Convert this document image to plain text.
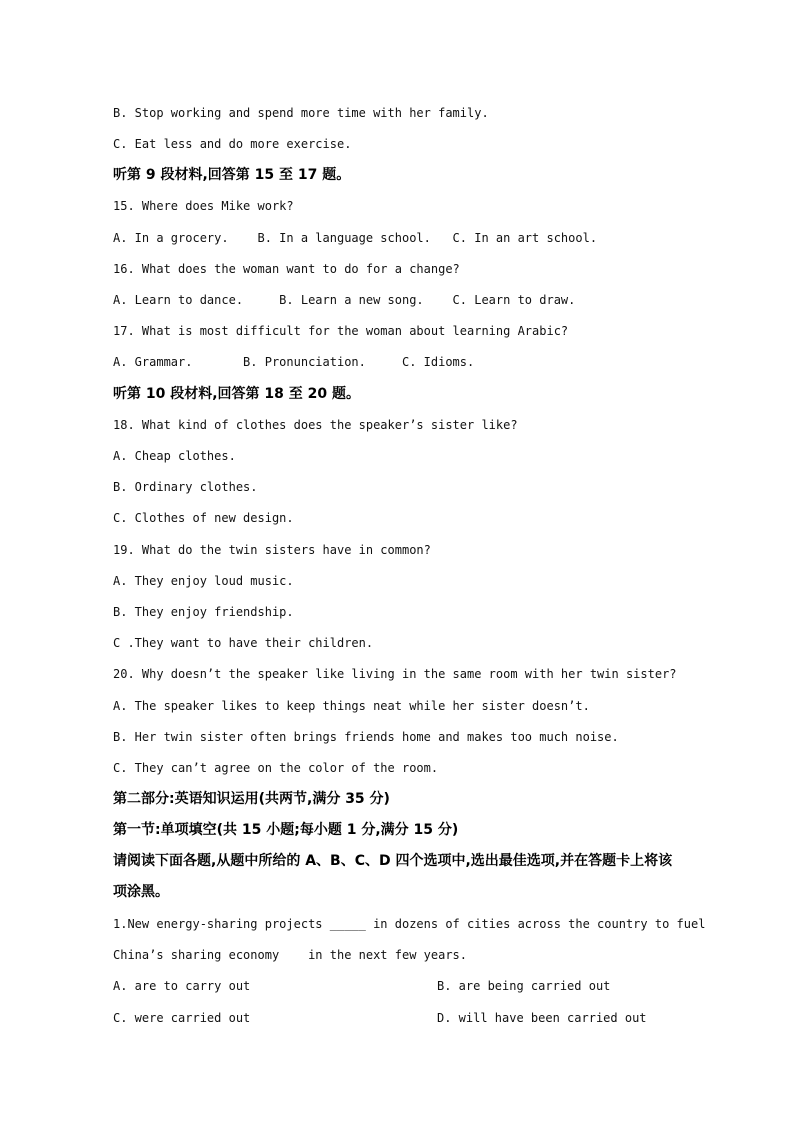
B. Stop working and spend more time with her family.
C. Eat less and do more exercise.
听第 9 段材料,回答第 15 至 17 题。
15. Where does Mike work?
A. In a grocery.    B. In a language school.   C. In an art school.
16. What does the woman want to do for a change?
A. Learn to dance.     B. Learn a new song.    C. Learn to draw.
17. What is most difficult for the woman about learning Arabic?
A. Grammar.       B. Pronunciation.     C. Idioms.
听第 10 段材料,回答第 18 至 20 题。
18. What kind of clothes does the speaker’s sister like?
A. Cheap clothes.
B. Ordinary clothes.
C. Clothes of new design.
19. What do the twin sisters have in common?
A. They enjoy loud music.
B. They enjoy friendship.
C .They want to have their children.
20. Why doesn’t the speaker like living in the same room with her twin sister?
A. The speaker likes to keep things neat while her sister doesn’t.
B. Her twin sister often brings friends home and makes too much noise.
C. They can’t agree on the color of the room.
第二部分:英语知识运用(共两节,满分 35 分)
第一节:单项填空(共 15 小题;每小题 1 分,满分 15 分)
请阅读下面各题,从题中所给的 A、B、C、D 四个选项中,选出最佳选项,并在答题卡上将该
项涂黑。
1.New energy-sharing projects _____ in dozens of cities across the country to fuel
China’s sharing economy    in the next few years.
A. are to carry out	B. are being carried out
C. were carried out	D. will have been carried out
